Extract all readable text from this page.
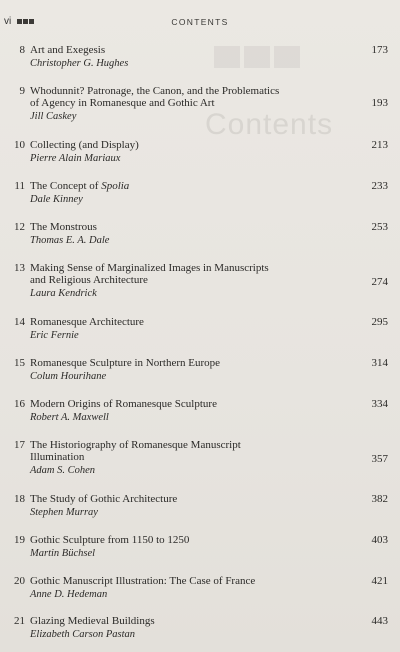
Contents
vi	CONTENTS
8 Art and Exegesis
Christopher G. Hughes
173
9 Whodunnit? Patronage, the Canon, and the Problematics
of Agency in Romanesque and Gothic Art
Jill Caskey
193
10 Collecting (and Display)
Pierre Alain Mariaux
213
11 The Concept of Spolia
Dale Kinney
233
12 The Monstrous
Thomas E. A. Dale
253
13 Making Sense of Marginalized Images in Manuscripts
and Religious Architecture
Laura Kendrick
274
14 Romanesque Architecture
Eric Fernie
295
15 Romanesque Sculpture in Northern Europe
Colum Hourihane
314
16 Modern Origins of Romanesque Sculpture
Robert A. Maxwell
334
17 The Historiography of Romanesque Manuscript
Illumination
Adam S. Cohen
357
18 The Study of Gothic Architecture
Stephen Murray
382
19 Gothic Sculpture from 1150 to 1250
Martin Büchsel
403
20 Gothic Manuscript Illustration: The Case of France
Anne D. Hedeman
421
21 Glazing Medieval Buildings
Elizabeth Carson Pastan
443
